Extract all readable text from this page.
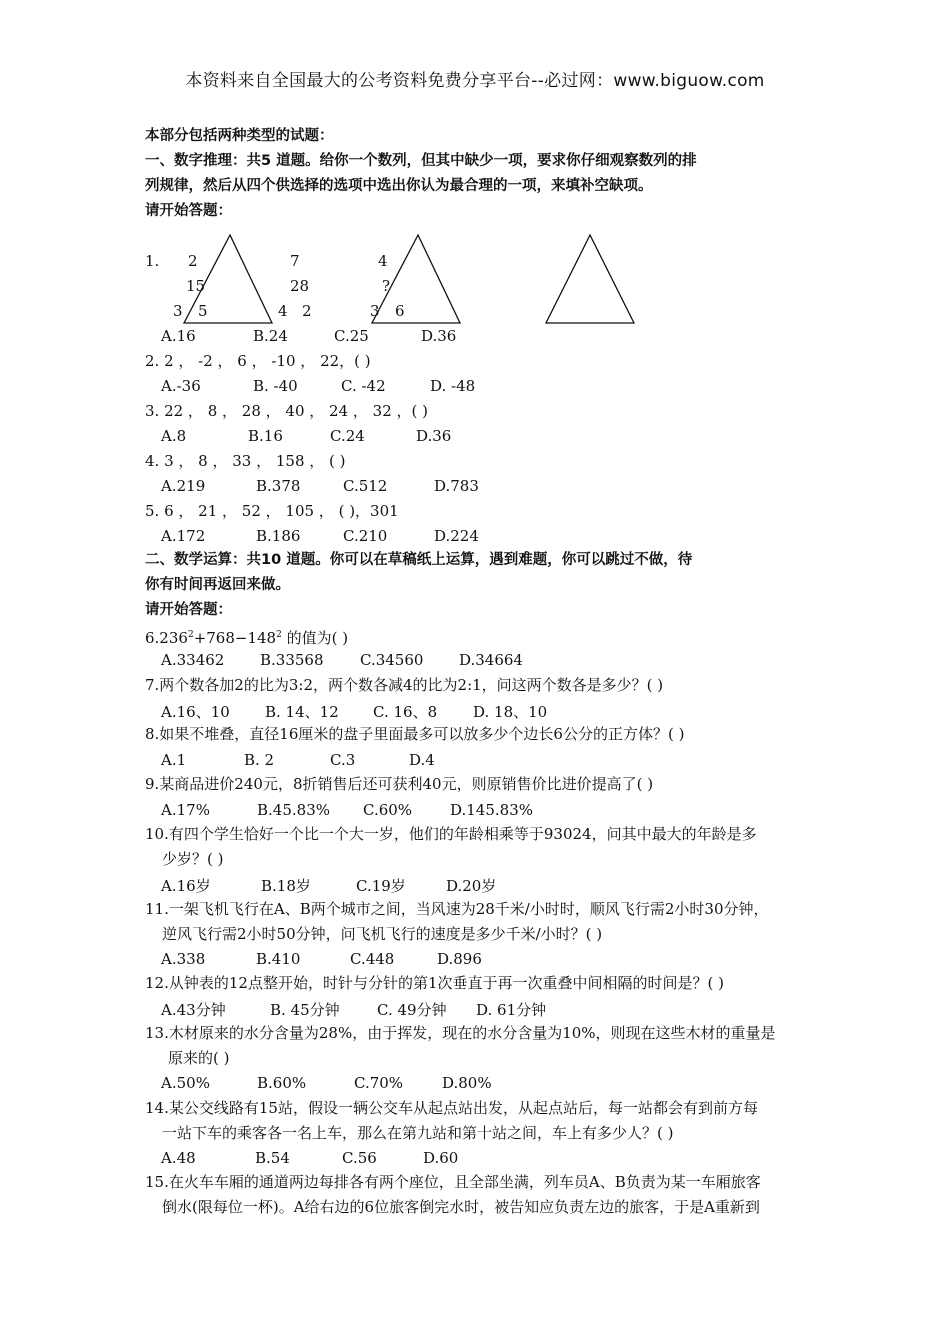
本资料来自全国最大的公考资料免费分享平台--必过网：www.biguow.com
本部分包括两种类型的试题：
一、数字推理：共5 道题。给你一个数列，但其中缺少一项，要求你仔细观察数列的排
列规律，然后从四个供选择的选项中选出你认为最合理的一项，来填补空缺项。
请开始答题：
1. 2
15
3 5
7
28
4 2
4
?
3 6
A.16	B.24	C.25	D.36
2. 2 ， -2 ， 6 ， -10 ， 22，( )
A.-36	B. -40	C. -42	D. -48
3. 22 ， 8 ， 28 ， 40 ， 24 ， 32 ，( )
A.8	B.16	C.24	D.36
4. 3 ， 8 ， 33 ， 158 ， ( )
A.219	B.378	C.512	D.783
5. 6 ， 21 ， 52 ， 105 ， ( )，301
A.172	B.186	C.210	D.224
二、数学运算：共10 道题。你可以在草稿纸上运算，遇到难题，你可以跳过不做，待
你有时间再返回来做。
请开始答题：
$6.236^2+768-148^2$ 的值为( )
A.33462 B.33568 C.34560 D.34664
7.两个数各加2的比为3:2，两个数各减4的比为2:1，问这两个数各是多少？( )
A.16、10 B. 14、12 C. 16、8 D. 18、10
8.如果不堆叠，直径16厘米的盘子里面最多可以放多少个边长6公分的正方体？( )
A.1	B. 2	C.3	D.4
9.某商品进价240元，8折销售后还可获利40元，则原销售价比进价提高了( )
A.17%	B.45.83% C.60%	D.145.83%
10.有四个学生恰好一个比一个大一岁，他们的年龄相乘等于93024，问其中最大的年龄是多
少岁？( )
A.16岁	B.18岁	C.19岁	D.20岁
11.一架飞机飞行在A、B两个城市之间，当风速为28千米/小时时，顺风飞行需2小时30分钟，
逆风飞行需2小时50分钟，问飞机飞行的速度是多少千米/小时？( )
A.338	B.410	C.448	D.896
12.从钟表的12点整开始，时针与分针的第1次垂直于再一次重叠中间相隔的时间是？( )
A.43分钟	B. 45分钟 C. 49分钟 D. 61分钟
13.木材原来的水分含量为28%，由于挥发，现在的水分含量为10%，则现在这些木材的重量是
原来的( )
A.50%	B.60%	C.70%	D.80%
14.某公交线路有15站，假设一辆公交车从起点站出发，从起点站后，每一站都会有到前方每
一站下车的乘客各一名上车，那么在第九站和第十站之间，车上有多少人？( )
A.48	B.54	C.56	D.60
15.在火车车厢的通道两边每排各有两个座位，且全部坐满，列车员A、B负责为某一车厢旅客
倒水(限每位一杯)。A给右边的6位旅客倒完水时，被告知应负责左边的旅客，于是A重新到
